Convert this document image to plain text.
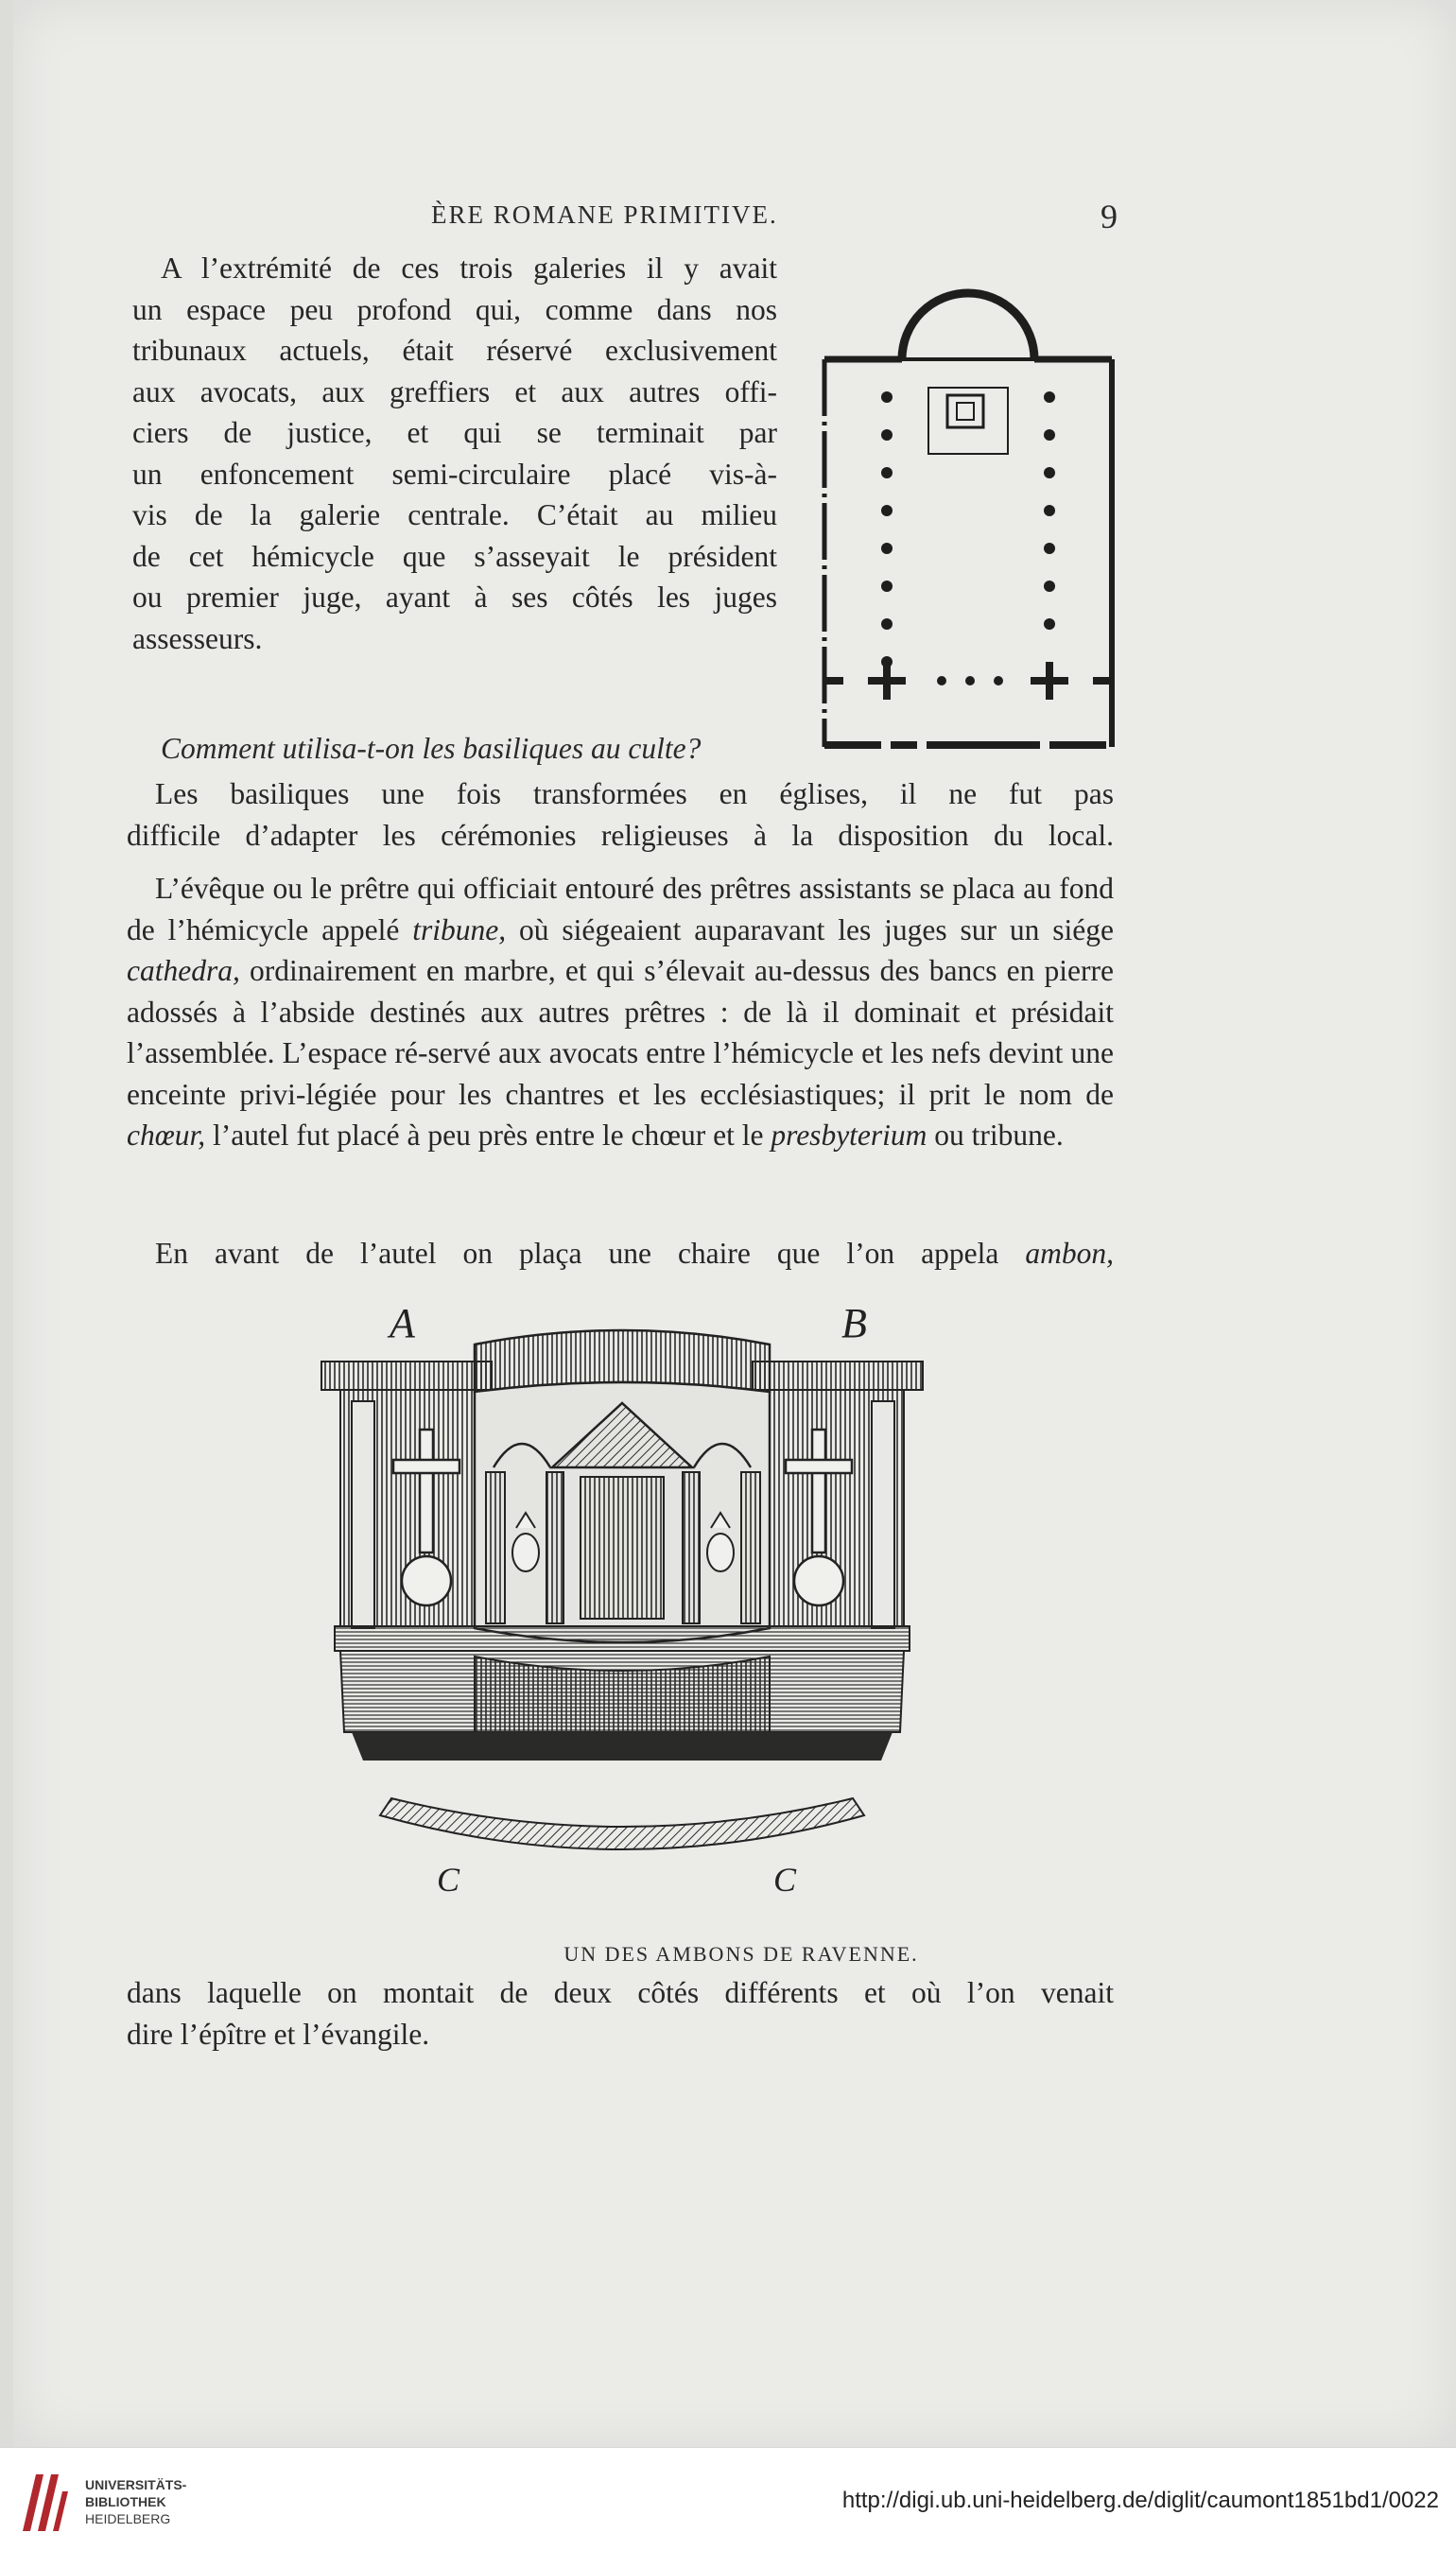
ÈRE ROMANE PRIMITIVE.	9
A l’extrémité de ces trois galeries il y avait
un espace peu profond qui, comme dans nos
tribunaux actuels, était réservé exclusivement
aux avocats, aux greffiers et aux autres offi-
ciers de justice, et qui se terminait par
un enfoncement semi-circulaire placé vis-à-
vis de la galerie centrale. C’était au milieu
de cet hémicycle que s’asseyait le président
ou premier juge, ayant à ses côtés les juges
assesseurs.
Comment utilisa-t-on les basiliques au culte?
Les basiliques une fois transformées en églises, il ne fut pas
difficile d’adapter les cérémonies religieuses à la disposition du local.

L’évêque ou le prêtre qui officiait entouré des prêtres assistants se placa au fond de l’hémicycle appelé tribune, où siégeaient auparavant les juges sur un siége cathedra, ordinairement en marbre, et qui s’élevait au-dessus des bancs en pierre adossés à l’abside destinés aux autres prêtres : de là il dominait et présidait l’assemblée. L’espace ré-servé aux avocats entre l’hémicycle et les nefs devint une enceinte privi-légiée pour les chantres et les ecclésiastiques; il prit le nom de chœur, l’autel fut placé à peu près entre le chœur et le presbyterium ou tribune.

En avant de l’autel on plaça une chaire que l’on appela ambon,

A	B
C	C
UN DES AMBONS DE RAVENNE.
dans laquelle on montait de deux côtés différents et où l’on venait
dire l’épître et l’évangile.
UNIVERSITÄTS-
BIBLIOTHEK
HEIDELBERG
http://digi.ub.uni-heidelberg.de/diglit/caumont1851bd1/0022
